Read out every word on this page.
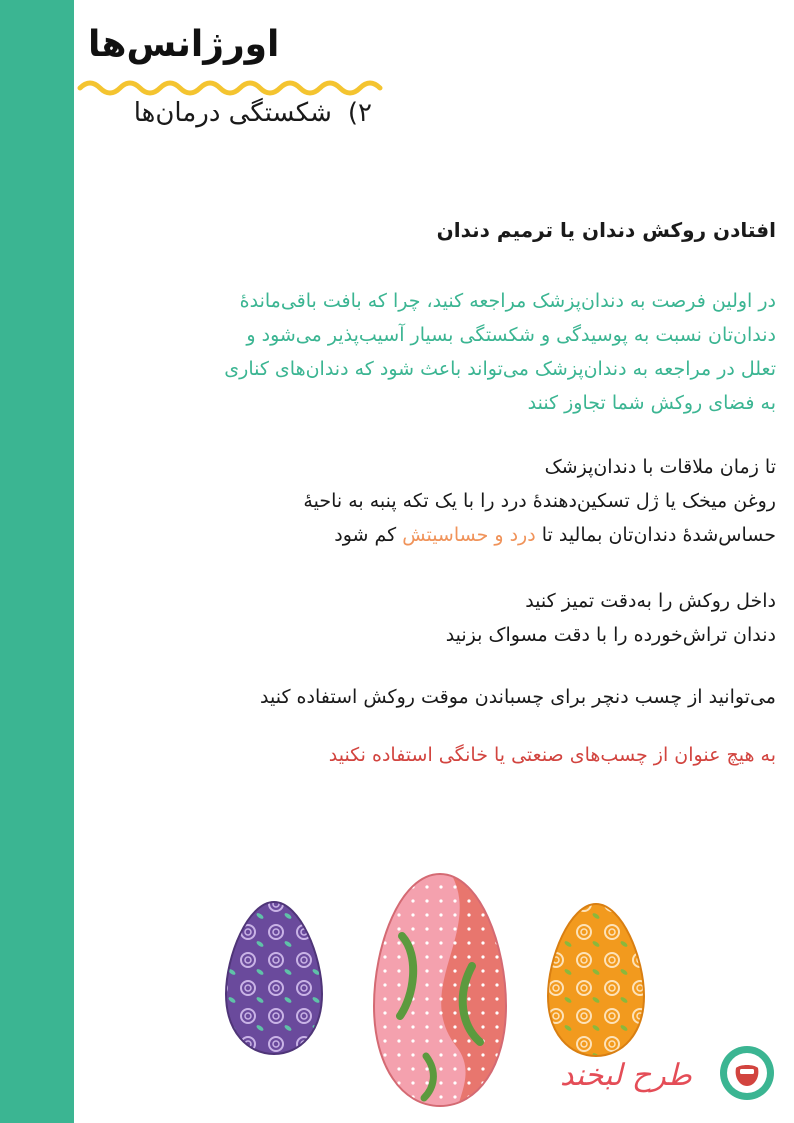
اورژانس‌ها
۲)شکستگی درمان‌ها
افتادن روکش دندان یا ترمیم دندان
در اولین فرصت به دندان‌پزشک مراجعه کنید، چرا که بافت باقی‌ماندهٔ
دندان‌تان نسبت به پوسیدگی و شکستگی بسیار آسیب‌پذیر می‌شود و
تعلل در مراجعه به دندان‌پزشک می‌تواند باعث شود که دندان‌های کناری
به فضای روکش شما تجاوز کنند
تا زمان ملاقات با دندان‌پزشک
روغن میخک یا ژل تسکین‌دهندهٔ درد را با یک تکه پنبه به ناحیهٔ
حساس‌شدهٔ دندان‌تان بمالید تا درد و حساسیتش کم شود
داخل روکش را به‌دقت تمیز کنید
دندان تراش‌خورده را با دقت مسواک بزنید
می‌توانید از چسب دنچر برای چسباندن موقت روکش استفاده کنید
به هیچ عنوان از چسب‌های صنعتی یا خانگی استفاده نکنید
طرح لبخند
